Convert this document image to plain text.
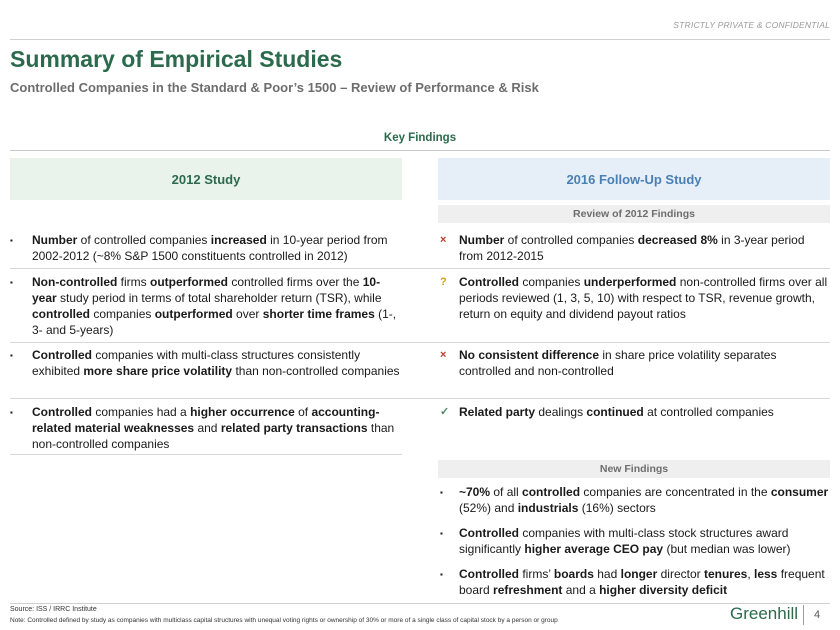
STRICTLY PRIVATE & CONFIDENTIAL
Summary of Empirical Studies
Controlled Companies in the Standard & Poor’s 1500 – Review of Performance & Risk
Key Findings
2012 Study	2016 Follow-Up Study
Review of 2012 Findings
▪ Number of controlled companies increased in 10-year period from 2002-2012 (~8% S&P 1500 constituents controlled in 2012)
× Number of controlled companies decreased 8% in 3-year period from 2012-2015
▪ Non-controlled firms outperformed controlled firms over the 10-year study period in terms of total shareholder return (TSR), while controlled companies outperformed over shorter time frames (1-, 3- and 5-years)
? Controlled companies underperformed non-controlled firms over all periods reviewed (1, 3, 5, 10) with respect to TSR, revenue growth, return on equity and dividend payout ratios
▪ Controlled companies with multi-class structures consistently exhibited more share price volatility than non-controlled companies
× No consistent difference in share price volatility separates controlled and non-controlled
▪ Controlled companies had a higher occurrence of accounting-related material weaknesses and related party transactions than non-controlled companies
✓ Related party dealings continued at controlled companies
New Findings
▪ ~70% of all controlled companies are concentrated in the consumer (52%) and industrials (16%) sectors
▪ Controlled companies with multi-class stock structures award significantly higher average CEO pay (but median was lower)
▪ Controlled firms’ boards had longer director tenures, less frequent board refreshment and a higher diversity deficit
Source: ISS / IRRC Institute
Note: Controlled defined by study as companies with multiclass capital structures with unequal voting rights or ownership of 30% or more of a single class of capital stock by a person or group	Greenhill 4
